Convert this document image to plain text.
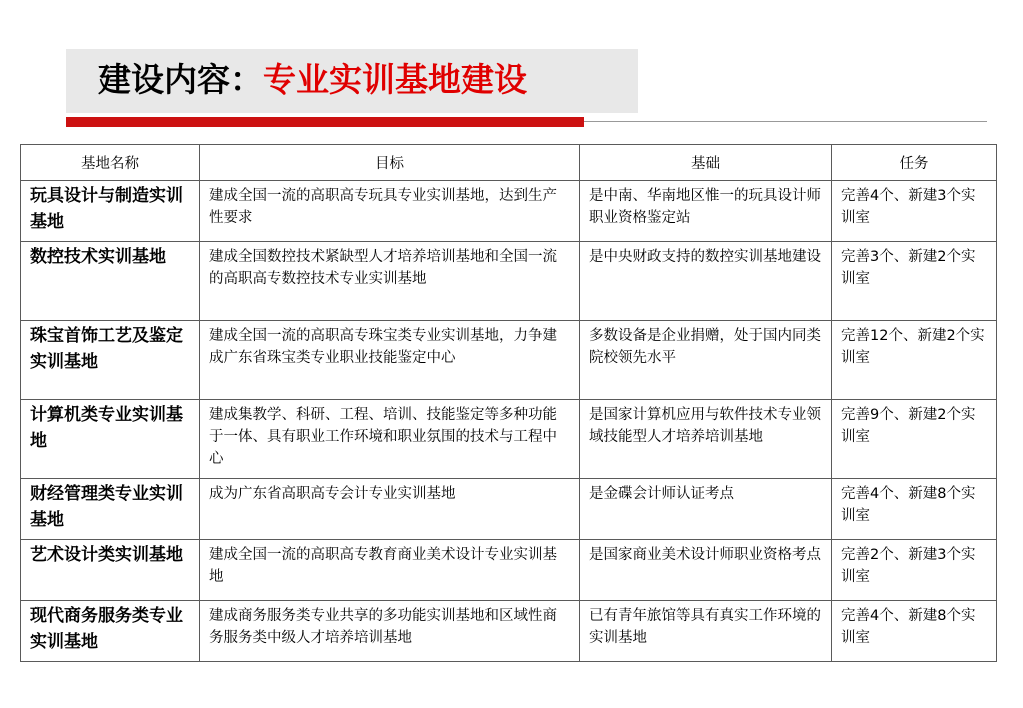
建设内容：专业实训基地建设
基地名称	目标	基础	任务
玩具设计与制造实训基地	建成全国一流的高职高专玩具专业实训基地，达到生产性要求	是中南、华南地区惟一的玩具设计师职业资格鉴定站	完善4个、新建3个实训室
数控技术实训基地	建成全国数控技术紧缺型人才培养培训基地和全国一流的高职高专数控技术专业实训基地	是中央财政支持的数控实训基地建设	完善3个、新建2个实训室
珠宝首饰工艺及鉴定实训基地	建成全国一流的高职高专珠宝类专业实训基地，力争建成广东省珠宝类专业职业技能鉴定中心	多数设备是企业捐赠，处于国内同类院校领先水平	完善12个、新建2个实训室
计算机类专业实训基地	建成集教学、科研、工程、培训、技能鉴定等多种功能于一体、具有职业工作环境和职业氛围的技术与工程中心	是国家计算机应用与软件技术专业领域技能型人才培养培训基地	完善9个、新建2个实训室
财经管理类专业实训基地	成为广东省高职高专会计专业实训基地	是金碟会计师认证考点	完善4个、新建8个实训室
艺术设计类实训基地	建成全国一流的高职高专教育商业美术设计专业实训基地	是国家商业美术设计师职业资格考点	完善2个、新建3个实训室
现代商务服务类专业实训基地	建成商务服务类专业共享的多功能实训基地和区域性商务服务类中级人才培养培训基地	已有青年旅馆等具有真实工作环境的实训基地	完善4个、新建8个实训室
